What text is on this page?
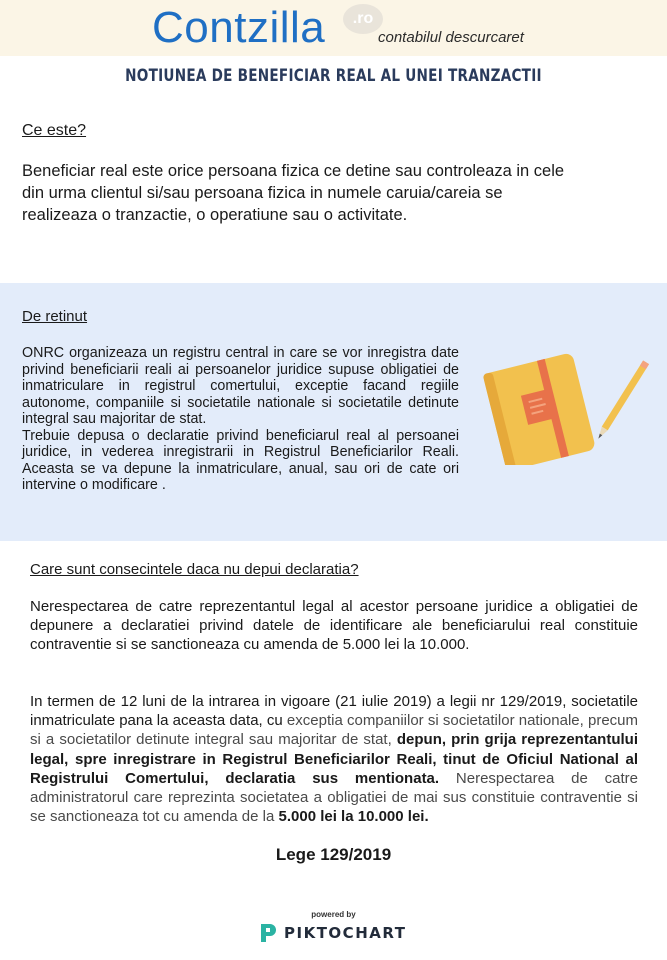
Contzilla	.ro
contabilul descurcaret
NOTIUNEA DE BENEFICIAR REAL AL UNEI TRANZACTII
Ce este?
Beneficiar real este orice persoana fizica ce detine sau controleaza in cele din urma clientul si/sau persoana fizica in numele caruia/careia se realizeaza o tranzactie, o operatiune sau o activitate.
De retinut
ONRC organizeaza un registru central in care se vor inregistra date privind beneficiarii reali ai persoanelor juridice supuse obligatiei de inmatriculare in registrul comertului, exceptie facand regiile autonome, companiile si societatile nationale si societatile detinute integral sau majoritar de stat.
Trebuie depusa o declaratie privind beneficiarul real al persoanei juridice, in vederea inregistrarii in Registrul Beneficiarilor Reali. Aceasta se va depune la inmatriculare, anual, sau ori de cate ori intervine o modificare .
Care sunt consecintele daca nu depui declaratia?
Nerespectarea de catre reprezentantul legal al acestor persoane juridice a obligatiei de depunere a declaratiei privind datele de identificare ale beneficiarului real constituie contraventie si se sanctioneaza cu amenda de 5.000 lei la 10.000.
In termen de 12 luni de la intrarea in vigoare (21 iulie 2019) a legii nr 129/2019, societatile inmatriculate pana la aceasta data, cu exceptia companiilor si societatilor nationale, precum si a societatilor detinute integral sau majoritar de stat, depun, prin grija reprezentantului legal, spre inregistrare in Registrul Beneficiarilor Reali, tinut de Oficiul National al Registrului Comertului, declaratia sus mentionata. Nerespectarea de catre administratorul care reprezinta societatea a obligatiei de mai sus constituie contraventie si se sanctioneaza tot cu amenda de la 5.000 lei la 10.000 lei.
Lege 129/2019
powered by
PIKTOCHART
